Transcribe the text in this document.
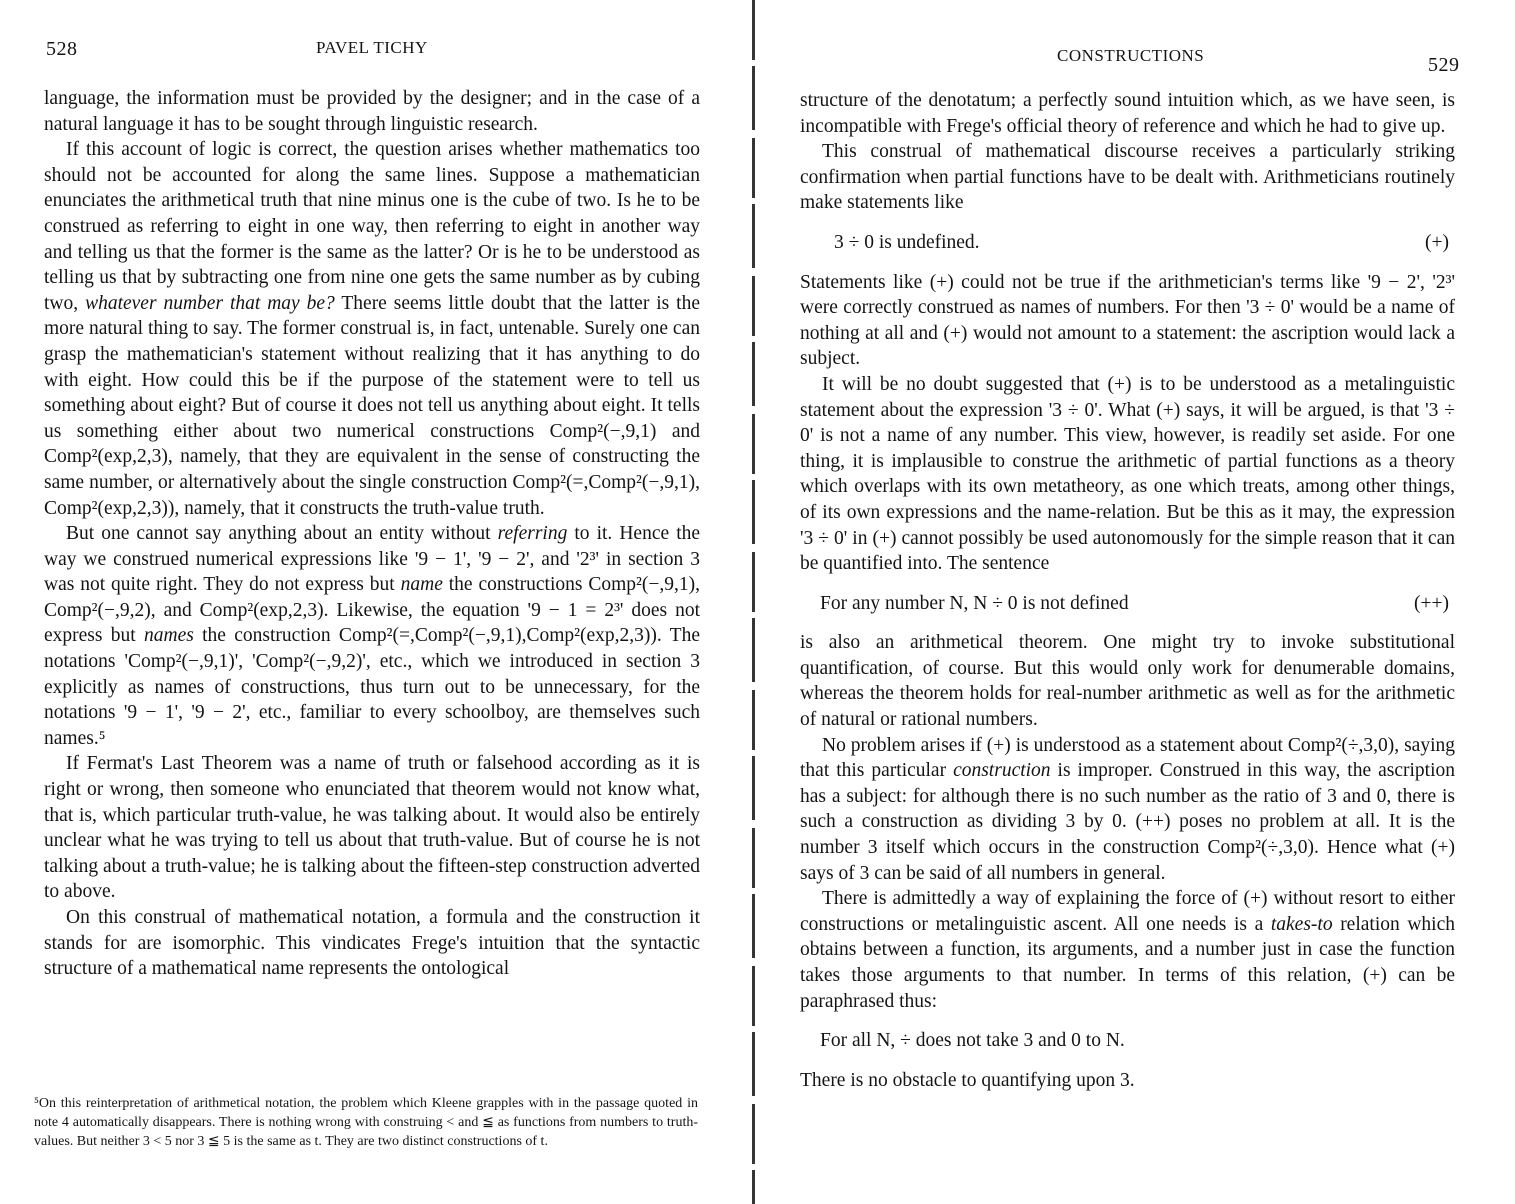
528	PAVEL TICHY

language, the information must be provided by the designer; and in the case of a natural language it has to be sought through linguistic research.

If this account of logic is correct, the question arises whether mathematics too should not be accounted for along the same lines. Suppose a mathematician enunciates the arithmetical truth that nine minus one is the cube of two. Is he to be construed as referring to eight in one way, then referring to eight in another way and telling us that the former is the same as the latter? Or is he to be understood as telling us that by subtracting one from nine one gets the same number as by cubing two, whatever number that may be? There seems little doubt that the latter is the more natural thing to say. The former construal is, in fact, untenable. Surely one can grasp the mathematician's statement without realizing that it has anything to do with eight. How could this be if the purpose of the statement were to tell us something about eight? But of course it does not tell us anything about eight. It tells us something either about two numerical constructions Comp²(−,9,1) and Comp²(exp,2,3), namely, that they are equivalent in the sense of constructing the same number, or alternatively about the single construction Comp²(=,Comp²(−,9,1), Comp²(exp,2,3)), namely, that it constructs the truth-value truth.

But one cannot say anything about an entity without referring to it. Hence the way we construed numerical expressions like '9 − 1', '9 − 2', and '2³' in section 3 was not quite right. They do not express but name the constructions Comp²(−,9,1), Comp²(−,9,2), and Comp²(exp,2,3). Likewise, the equation '9 − 1 = 2³' does not express but names the construction Comp²(=,Comp²(−,9,1),Comp²(exp,2,3)). The notations 'Comp²(−,9,1)', 'Comp²(−,9,2)', etc., which we introduced in section 3 explicitly as names of constructions, thus turn out to be unnecessary, for the notations '9 − 1', '9 − 2', etc., familiar to every schoolboy, are themselves such names.⁵

If Fermat's Last Theorem was a name of truth or falsehood according as it is right or wrong, then someone who enunciated that theorem would not know what, that is, which particular truth-value, he was talking about. It would also be entirely unclear what he was trying to tell us about that truth-value. But of course he is not talking about a truth-value; he is talking about the fifteen-step construction adverted to above.

On this construal of mathematical notation, a formula and the construction it stands for are isomorphic. This vindicates Frege's intuition that the syntactic structure of a mathematical name represents the ontological

⁵On this reinterpretation of arithmetical notation, the problem which Kleene grapples with in the passage quoted in note 4 automatically disappears. There is nothing wrong with construing < and ≦ as functions from numbers to truth-values. But neither 3 < 5 nor 3 ≦ 5 is the same as t. They are two distinct constructions of t.

CONSTRUCTIONS	529

structure of the denotatum; a perfectly sound intuition which, as we have seen, is incompatible with Frege's official theory of reference and which he had to give up.

This construal of mathematical discourse receives a particularly striking confirmation when partial functions have to be dealt with. Arithmeticians routinely make statements like

3 ÷ 0 is undefined.	(+)

Statements like (+) could not be true if the arithmetician's terms like '9 − 2', '2³' were correctly construed as names of numbers. For then '3 ÷ 0' would be a name of nothing at all and (+) would not amount to a statement: the ascription would lack a subject.

It will be no doubt suggested that (+) is to be understood as a metalinguistic statement about the expression '3 ÷ 0'. What (+) says, it will be argued, is that '3 ÷ 0' is not a name of any number. This view, however, is readily set aside. For one thing, it is implausible to construe the arithmetic of partial functions as a theory which overlaps with its own metatheory, as one which treats, among other things, of its own expressions and the name-relation. But be this as it may, the expression '3 ÷ 0' in (+) cannot possibly be used autonomously for the simple reason that it can be quantified into. The sentence

For any number N, N ÷ 0 is not defined	(++)

is also an arithmetical theorem. One might try to invoke substitutional quantification, of course. But this would only work for denumerable domains, whereas the theorem holds for real-number arithmetic as well as for the arithmetic of natural or rational numbers.

No problem arises if (+) is understood as a statement about Comp²(÷,3,0), saying that this particular construction is improper. Construed in this way, the ascription has a subject: for although there is no such number as the ratio of 3 and 0, there is such a construction as dividing 3 by 0. (++) poses no problem at all. It is the number 3 itself which occurs in the construction Comp²(÷,3,0). Hence what (+) says of 3 can be said of all numbers in general.

There is admittedly a way of explaining the force of (+) without resort to either constructions or metalinguistic ascent. All one needs is a takes-to relation which obtains between a function, its arguments, and a number just in case the function takes those arguments to that number. In terms of this relation, (+) can be paraphrased thus:

For all N, ÷ does not take 3 and 0 to N.

There is no obstacle to quantifying upon 3.
